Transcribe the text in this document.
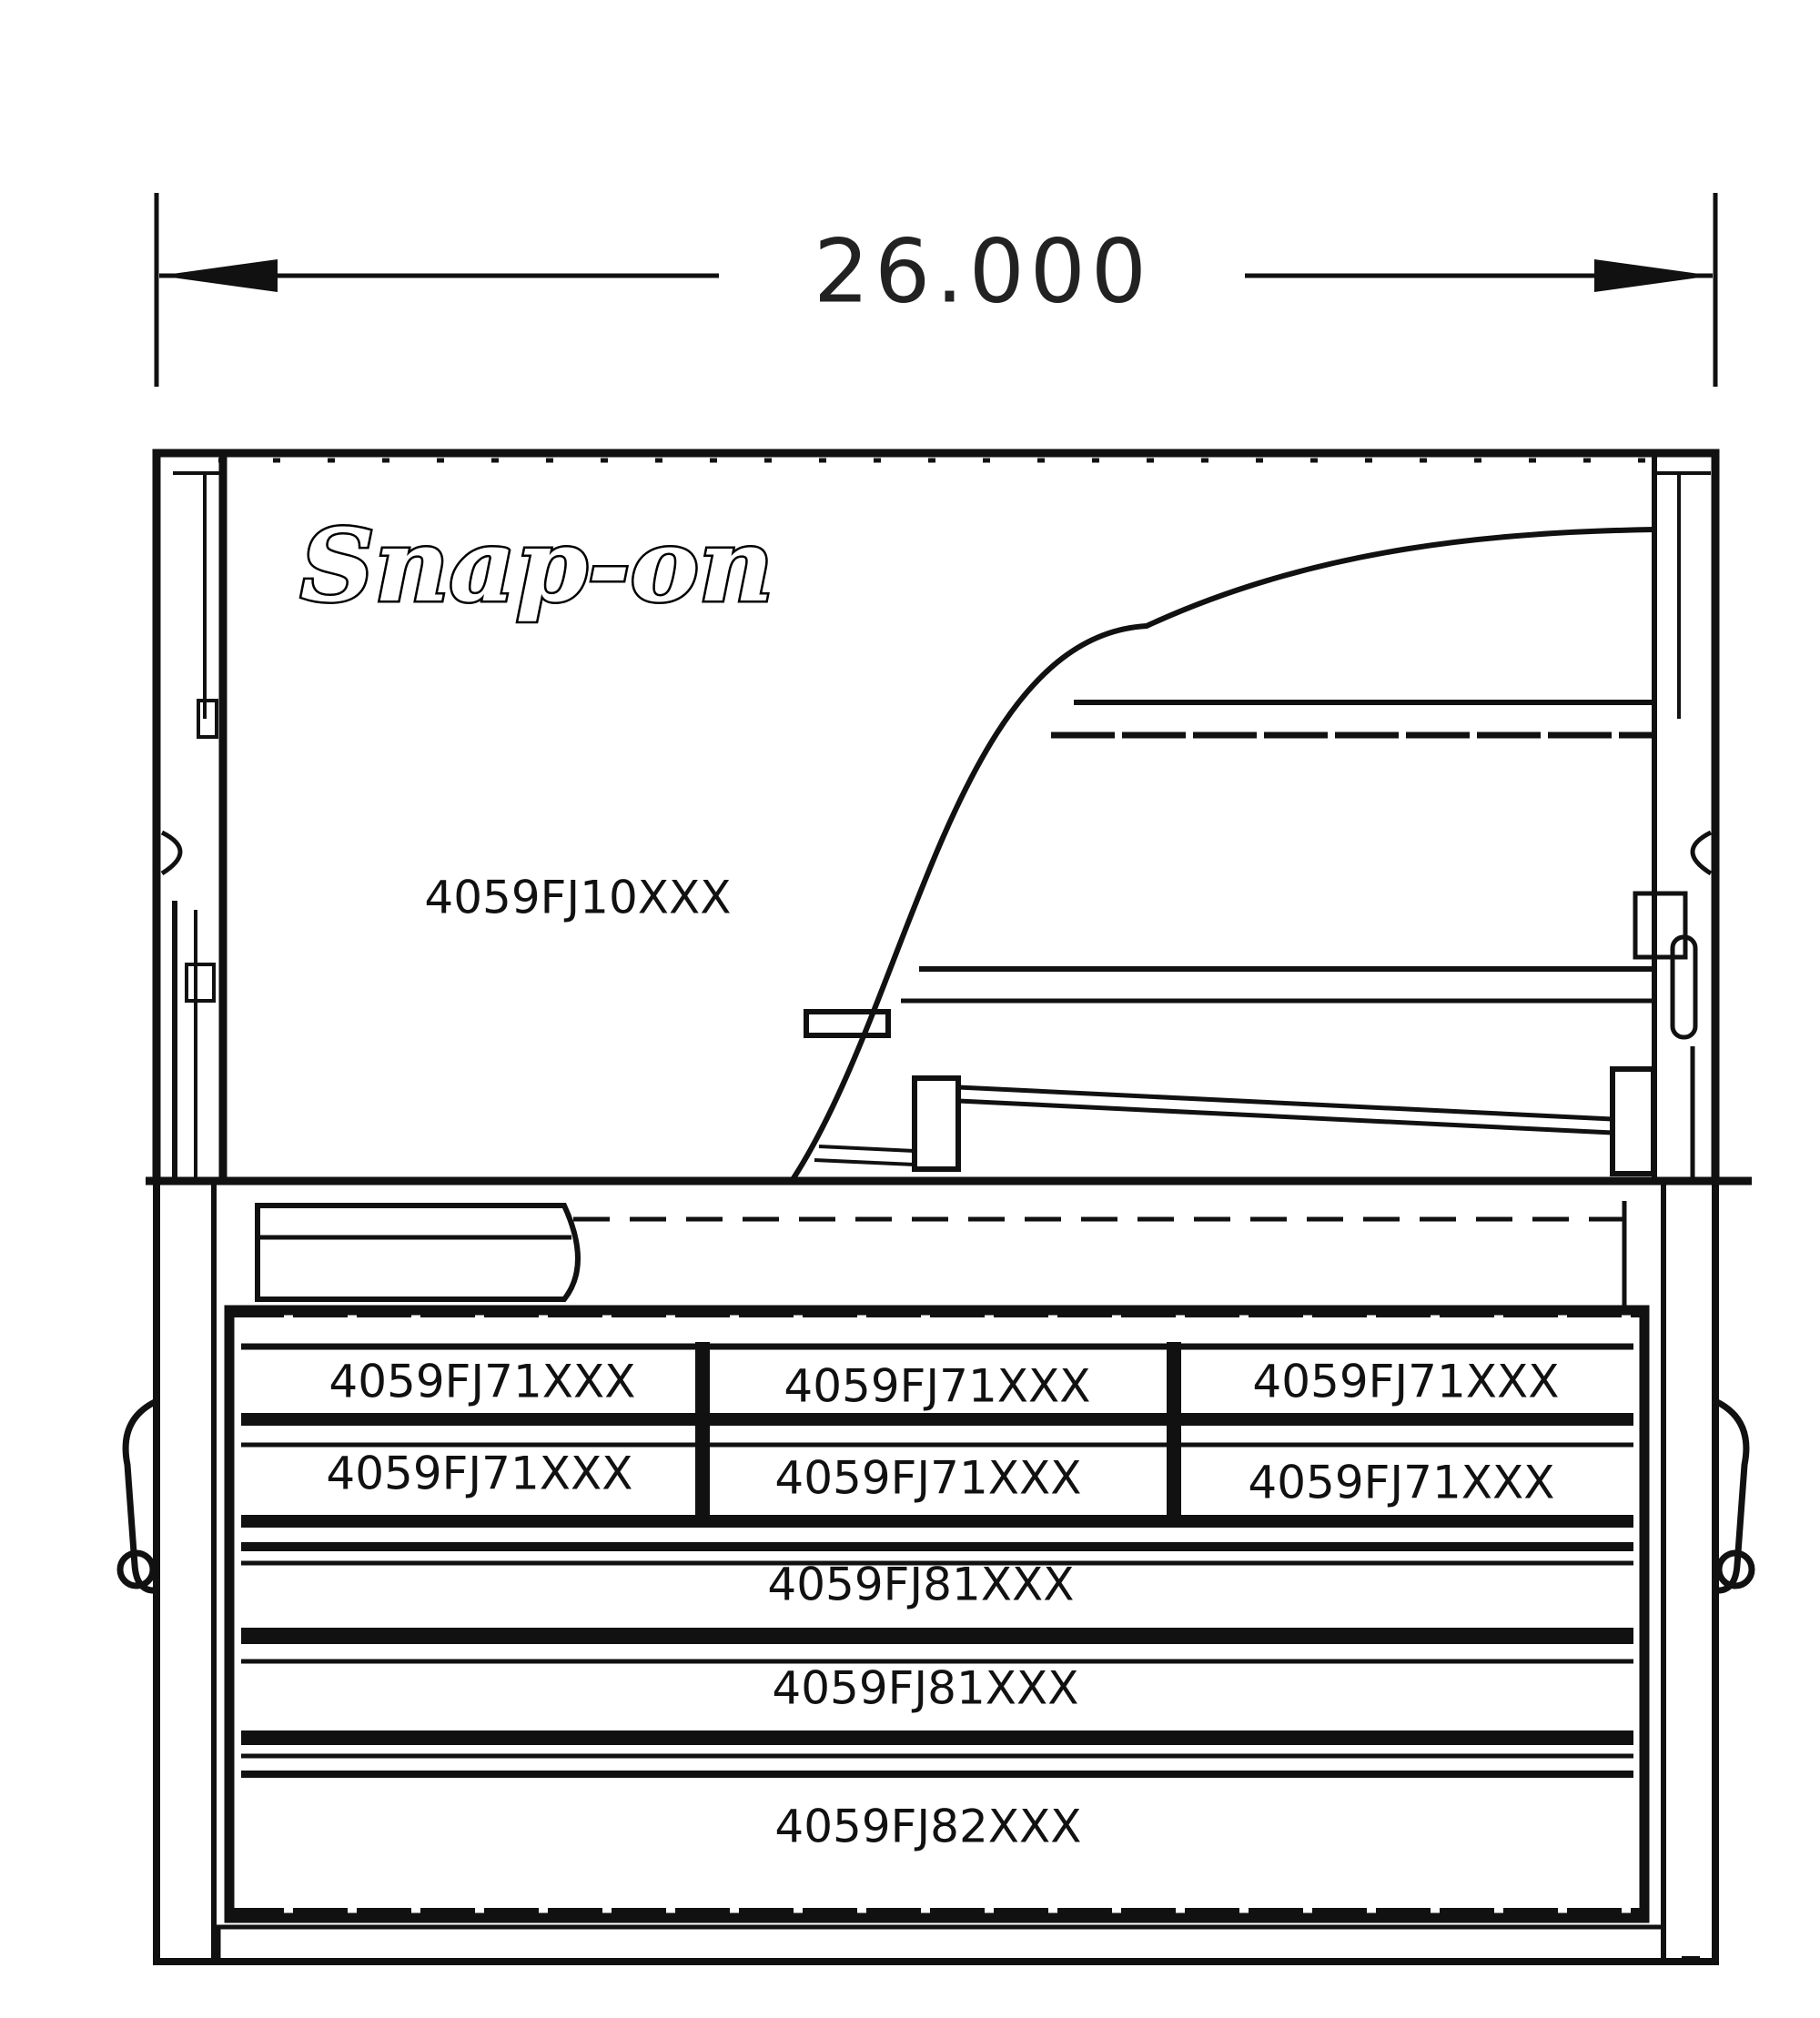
26.000
Snap-on
4059FJ10XXX
4059FJ71XXX	4059FJ71XXX	4059FJ71XXX
4059FJ71XXX	4059FJ71XXX	4059FJ71XXX
4059FJ81XXX
4059FJ81XXX
4059FJ82XXX
